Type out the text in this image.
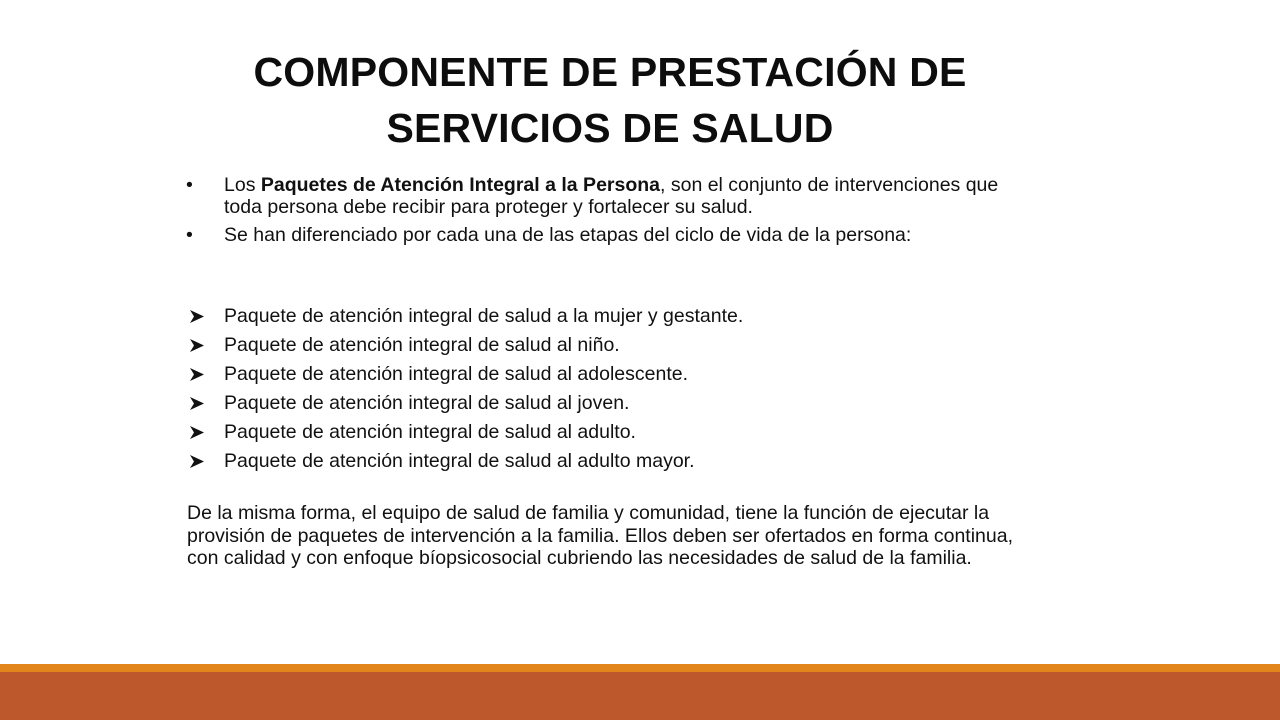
COMPONENTE DE PRESTACIÓN DE
SERVICIOS DE SALUD
•	Los Paquetes de Atención Integral a la Persona, son el conjunto de intervenciones que toda persona debe recibir para proteger y fortalecer su salud.
•	Se han diferenciado por cada una de las etapas del ciclo de vida de la persona:
Paquete de atención integral de salud a la mujer y gestante.
Paquete de atención integral de salud al niño.
Paquete de atención integral de salud al adolescente.
Paquete de atención integral de salud al joven.
Paquete de atención integral de salud al adulto.
Paquete de atención integral de salud al adulto mayor.

De la misma forma, el equipo de salud de familia y comunidad, tiene la función de ejecutar la provisión de paquetes de intervención a la familia. Ellos deben ser ofertados en forma continua, con calidad y con enfoque bíopsicosocial cubriendo las necesidades de salud de la familia.
